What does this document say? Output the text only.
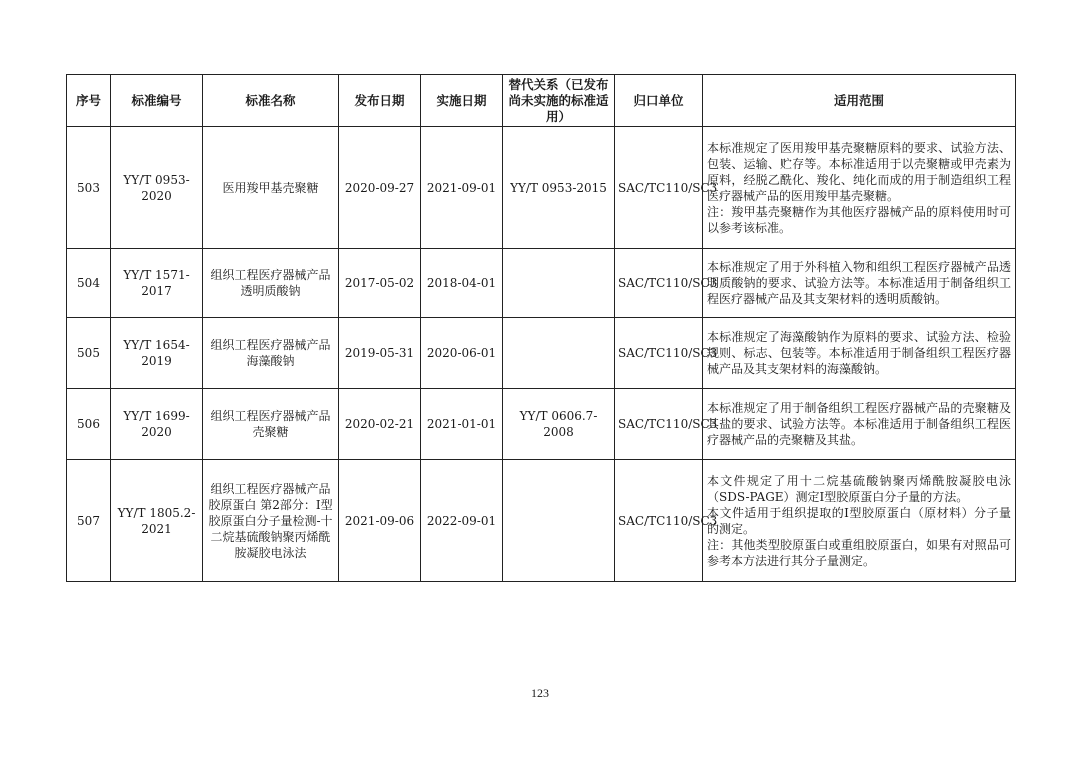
序号	标准编号	标准名称	发布日期	实施日期	替代关系（已发布尚未实施的标准适用）	归口单位	适用范围
503	YY/T 0953-2020	医用羧甲基壳聚糖	2020-09-27	2021-09-01	YY/T 0953-2015	SAC/TC110/SC3	本标准规定了医用羧甲基壳聚糖原料的要求、试验方法、包装、运输、贮存等。本标准适用于以壳聚糖或甲壳素为原料，经脱乙酰化、羧化、纯化而成的用于制造组织工程医疗器械产品的医用羧甲基壳聚糖。
注：羧甲基壳聚糖作为其他医疗器械产品的原料使用时可以参考该标准。

504	YY/T 1571-2017	组织工程医疗器械产品 透明质酸钠	2017-05-02	2018-04-01		SAC/TC110/SC3	本标准规定了用于外科植入物和组织工程医疗器械产品透明质酸钠的要求、试验方法等。本标准适用于制备组织工程医疗器械产品及其支架材料的透明质酸钠。

505	YY/T 1654-2019	组织工程医疗器械产品 海藻酸钠	2019-05-31	2020-06-01		SAC/TC110/SC3	本标准规定了海藻酸钠作为原料的要求、试验方法、检验规则、标志、包装等。本标准适用于制备组织工程医疗器械产品及其支架材料的海藻酸钠。

506	YY/T 1699-2020	组织工程医疗器械产品 壳聚糖	2020-02-21	2021-01-01	YY/T 0606.7-2008	SAC/TC110/SC3	本标准规定了用于制备组织工程医疗器械产品的壳聚糖及其盐的要求、试验方法等。本标准适用于制备组织工程医疗器械产品的壳聚糖及其盐。

507	YY/T 1805.2-2021	组织工程医疗器械产品 胶原蛋白 第2部分：I型胶原蛋白分子量检测-十二烷基硫酸钠聚丙烯酰胺凝胶电泳法	2021-09-06	2022-09-01		SAC/TC110/SC3	本文件规定了用十二烷基硫酸钠聚丙烯酰胺凝胶电泳（SDS-PAGE）测定I型胶原蛋白分子量的方法。
本文件适用于组织提取的I型胶原蛋白（原材料）分子量的测定。
注：其他类型胶原蛋白或重组胶原蛋白，如果有对照品可参考本方法进行其分子量测定。
123
